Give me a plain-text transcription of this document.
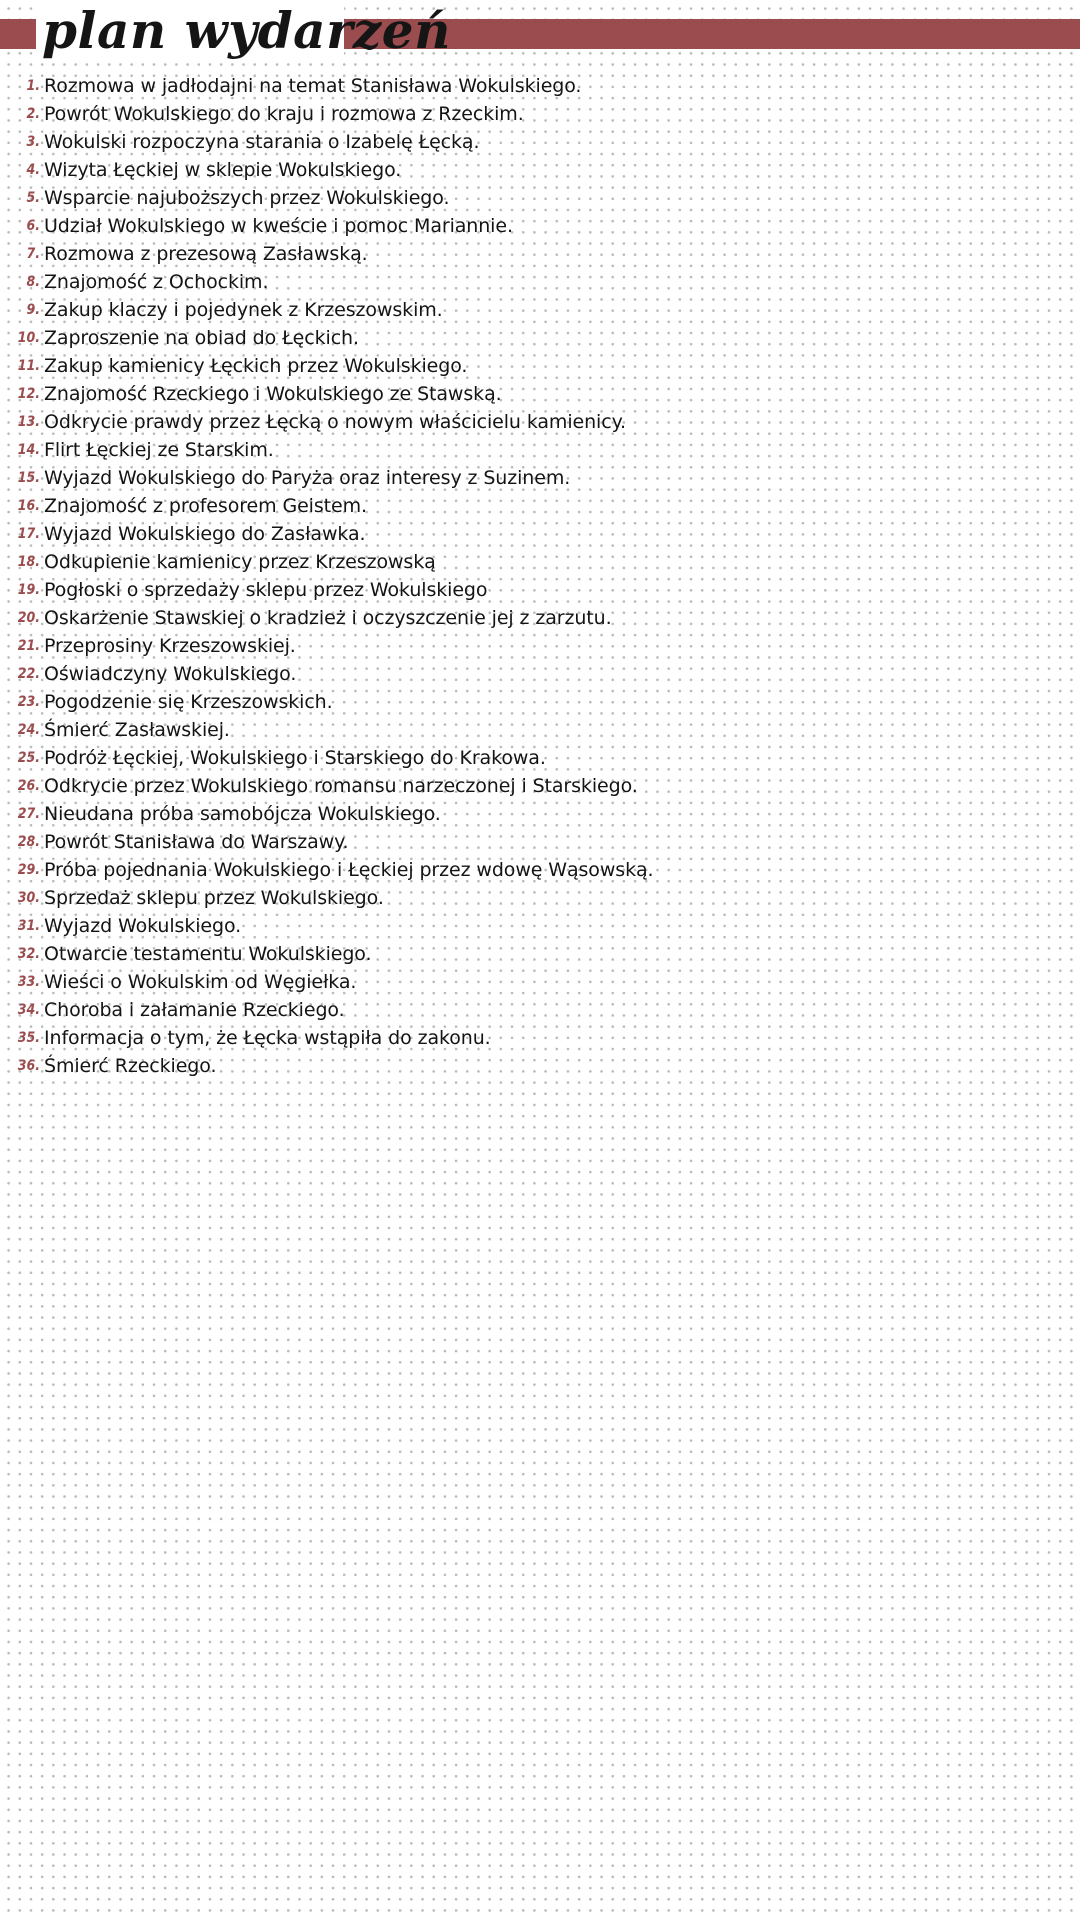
plan wydarzeń
1. Rozmowa w jadłodajni na temat Stanisława Wokulskiego.
2. Powrót Wokulskiego do kraju i rozmowa z Rzeckim.
3. Wokulski rozpoczyna starania o Izabelę Łęcką.
4. Wizyta Łęckiej w sklepie Wokulskiego.
5. Wsparcie najuboższych przez Wokulskiego.
6. Udział Wokulskiego w kweście i pomoc Mariannie.
7. Rozmowa z prezesową Zasławską.
8. Znajomość z Ochockim.
9. Zakup klaczy i pojedynek z Krzeszowskim.
10. Zaproszenie na obiad do Łęckich.
11. Zakup kamienicy Łęckich przez Wokulskiego.
12. Znajomość Rzeckiego i Wokulskiego ze Stawską.
13. Odkrycie prawdy przez Łęcką o nowym właścicielu kamienicy.
14. Flirt Łęckiej ze Starskim.
15. Wyjazd Wokulskiego do Paryża oraz interesy z Suzinem.
16. Znajomość z profesorem Geistem.
17. Wyjazd Wokulskiego do Zasławka.
18. Odkupienie kamienicy przez Krzeszowską
19. Pogłoski o sprzedaży sklepu przez Wokulskiego
20. Oskarżenie Stawskiej o kradzież i oczyszczenie jej z zarzutu.
21. Przeprosiny Krzeszowskiej.
22. Oświadczyny Wokulskiego.
23. Pogodzenie się Krzeszowskich.
24. Śmierć Zasławskiej.
25. Podróż Łęckiej, Wokulskiego i Starskiego do Krakowa.
26. Odkrycie przez Wokulskiego romansu narzeczonej i Starskiego.
27. Nieudana próba samobójcza Wokulskiego.
28. Powrót Stanisława do Warszawy.
29. Próba pojednania Wokulskiego i Łęckiej przez wdowę Wąsowską.
30. Sprzedaż sklepu przez Wokulskiego.
31. Wyjazd Wokulskiego.
32. Otwarcie testamentu Wokulskiego.
33. Wieści o Wokulskim od Węgiełka.
34. Choroba i załamanie Rzeckiego.
35. Informacja o tym, że Łęcka wstąpiła do zakonu.
36. Śmierć Rzeckiego.
